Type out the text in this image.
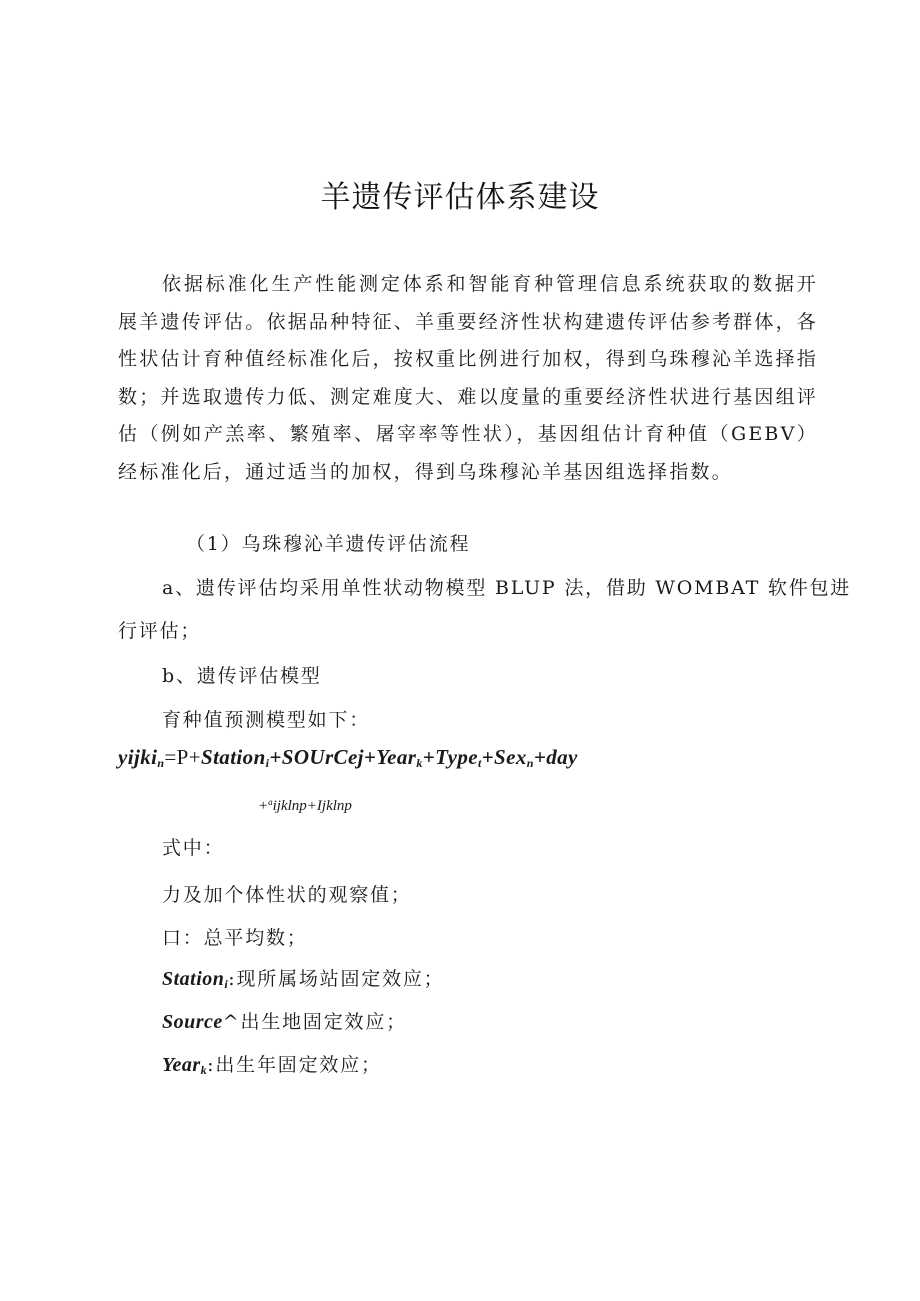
羊遗传评估体系建设
依据标准化生产性能测定体系和智能育种管理信息系统获取的数据开展羊遗传评估。依据品种特征、羊重要经济性状构建遗传评估参考群体，各性状估计育种值经标准化后，按权重比例进行加权，得到乌珠穆沁羊选择指数；并选取遗传力低、测定难度大、难以度量的重要经济性状进行基因组评估（例如产羔率、繁殖率、屠宰率等性状），基因组估计育种值（GEBV）经标准化后，通过适当的加权，得到乌珠穆沁羊基因组选择指数。
（1）乌珠穆沁羊遗传评估流程
a、遗传评估均采用单性状动物模型 BLUP 法，借助 WOMBAT 软件包进
行评估；
b、遗传评估模型
育种值预测模型如下：
yijki$_n$=P+Station$_i$+SOUrCej+Year$_k$+Type$_t$+Sex$_n$+day
+$^a$ijklnp+Ijklnp
式中：
力及加个体性状的观察值；
口：总平均数；
Station$_i$:现所属场站固定效应；
Source^出生地固定效应；
Year$_k$:出生年固定效应；
